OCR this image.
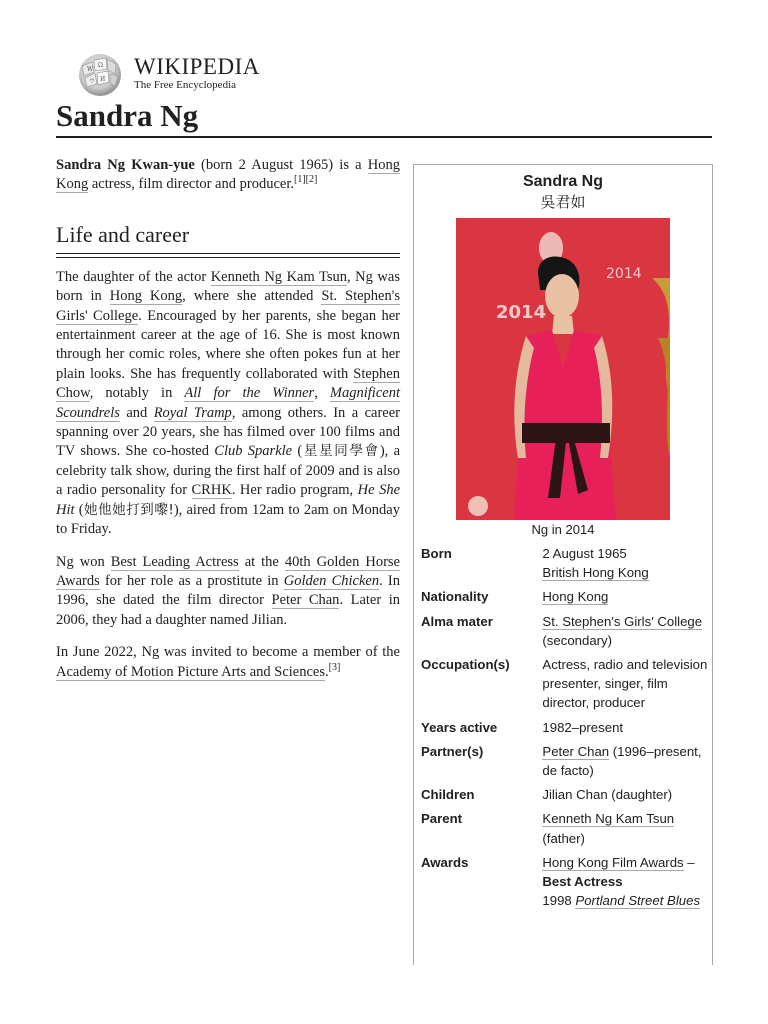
W
Ω
И
ウ
WIKIPEDIA
The Free Encyclopedia
Sandra Ng

Sandra Ng Kwan-yue (born 2 August 1965) is a Hong Kong actress, film director and producer.[1][2]

Life and career

The daughter of the actor Kenneth Ng Kam Tsun, Ng was born in Hong Kong, where she attended St. Stephen's Girls' College. Encouraged by her parents, she began her entertainment career at the age of 16. She is most known through her comic roles, where she often pokes fun at her plain looks. She has frequently collaborated with Stephen Chow, notably in All for the Winner, Magnificent Scoundrels and Royal Tramp, among others. In a career spanning over 20 years, she has filmed over 100 films and TV shows. She co-hosted Club Sparkle (星星同學會), a celebrity talk show, during the first half of 2009 and is also a radio personality for CRHK. Her radio program, He She Hit (她他她打到嚟!), aired from 12am to 2am on Monday to Friday.

Ng won Best Leading Actress at the 40th Golden Horse Awards for her role as a prostitute in Golden Chicken. In 1996, she dated the film director Peter Chan. Later in 2006, they had a daughter named Jilian.

In June 2022, Ng was invited to become a member of the Academy of Motion Picture Arts and Sciences.[3]

Sandra Ng
吳君如
2014
2014
Ng in 2014
Born	2 August 1965
British Hong Kong
Nationality	Hong Kong
Alma mater	St. Stephen's Girls' College (secondary)
Occupation(s)	Actress, radio and television presenter, singer, film director, producer
Years active	1982–present
Partner(s)	Peter Chan (1996–present, de facto)
Children	Jilian Chan (daughter)
Parent	Kenneth Ng Kam Tsun
(father)
Awards	Hong Kong Film Awards –
Best Actress
1998 Portland Street Blues
